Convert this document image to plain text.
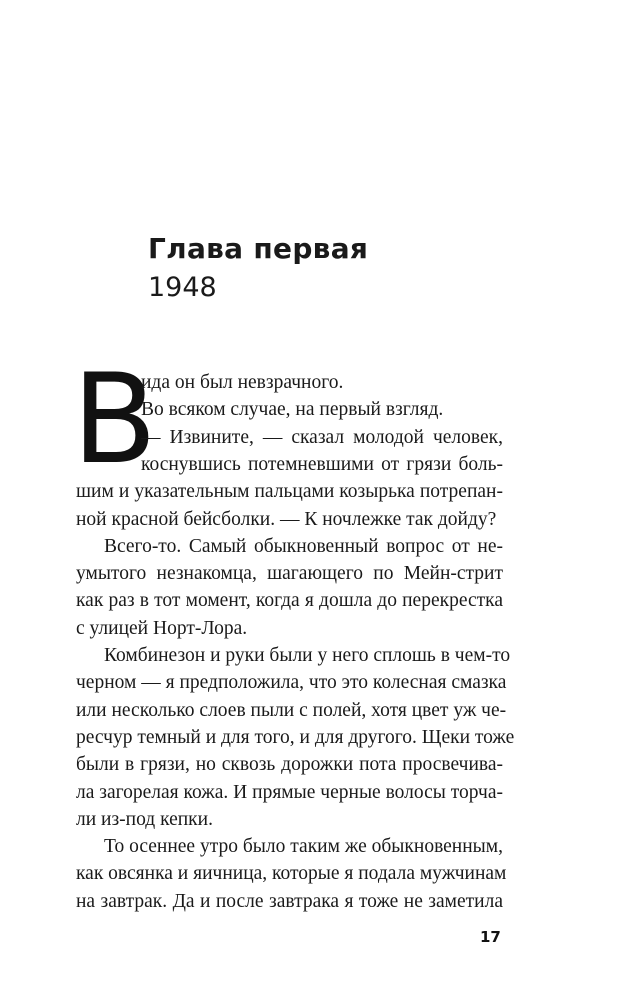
Глава первая
1948
В
ида он был невзрачного.
Во всяком случае, на первый взгляд.
— Извините, — сказал молодой человек,
коснувшись потемневшими от грязи боль-
шим и указательным пальцами козырька потрепан-
ной красной бейсболки. — К ночлежке так дойду?
Всего-то. Самый обыкновенный вопрос от не-
умытого незнакомца, шагающего по Мейн-стрит
как раз в тот момент, когда я дошла до перекрестка
с улицей Норт-Лора.
Комбинезон и руки были у него сплошь в чем-то
черном — я предположила, что это колесная смазка
или несколько слоев пыли с полей, хотя цвет уж че-
ресчур темный и для того, и для другого. Щеки тоже
были в грязи, но сквозь дорожки пота просвечива-
ла загорелая кожа. И прямые черные волосы торча-
ли из-под кепки.
То осеннее утро было таким же обыкновенным,
как овсянка и яичница, которые я подала мужчинам
на завтрак. Да и после завтрака я тоже не заметила
17
